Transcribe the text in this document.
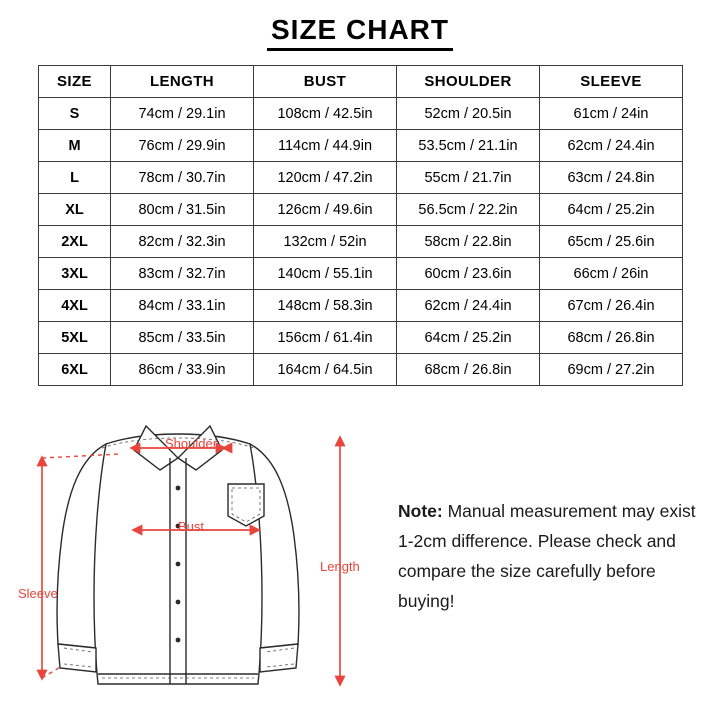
SIZE CHART
SIZE	LENGTH	BUST	SHOULDER	SLEEVE
S	74cm / 29.1in	108cm / 42.5in	52cm / 20.5in	61cm / 24in
M	76cm / 29.9in	114cm / 44.9in	53.5cm / 21.1in	62cm / 24.4in
L	78cm / 30.7in	120cm / 47.2in	55cm / 21.7in	63cm / 24.8in
XL	80cm / 31.5in	126cm / 49.6in	56.5cm / 22.2in	64cm / 25.2in
2XL	82cm / 32.3in	132cm / 52in	58cm / 22.8in	65cm / 25.6in
3XL	83cm / 32.7in	140cm / 55.1in	60cm / 23.6in	66cm / 26in
4XL	84cm / 33.1in	148cm / 58.3in	62cm / 24.4in	67cm / 26.4in
5XL	85cm / 33.5in	156cm / 61.4in	64cm / 25.2in	68cm / 26.8in
6XL	86cm / 33.9in	164cm / 64.5in	68cm / 26.8in	69cm / 27.2in
Shoulder
Bust
Length
Sleeve
Note: Manual measurement may exist 1-2cm difference. Please check and compare the size carefully before buying!
